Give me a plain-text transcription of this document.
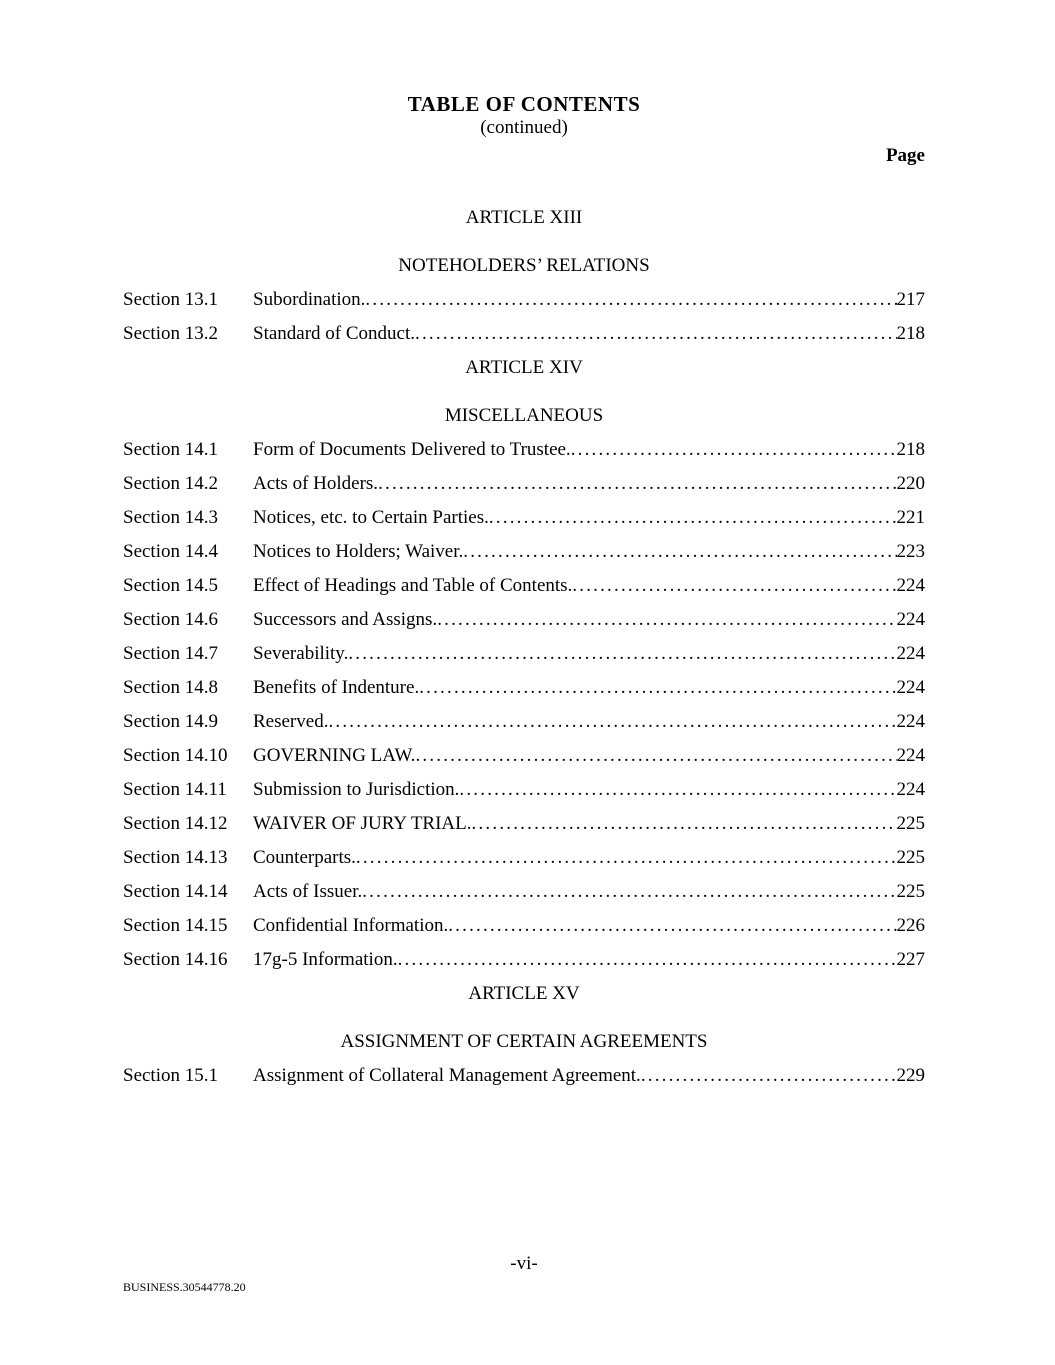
TABLE OF CONTENTS
(continued)
Page
ARTICLE XIII
NOTEHOLDERS’ RELATIONS
Section 13.1	Subordination. .....	217
Section 13.2	Standard of Conduct. .....	218
ARTICLE XIV
MISCELLANEOUS
Section 14.1	Form of Documents Delivered to Trustee. .....	218
Section 14.2	Acts of Holders. .....	220
Section 14.3	Notices, etc. to Certain Parties. .....	221
Section 14.4	Notices to Holders; Waiver. .....	223
Section 14.5	Effect of Headings and Table of Contents. .....	224
Section 14.6	Successors and Assigns. .....	224
Section 14.7	Severability. .....	224
Section 14.8	Benefits of Indenture. .....	224
Section 14.9	Reserved. .....	224
Section 14.10	GOVERNING LAW. .....	224
Section 14.11	Submission to Jurisdiction. .....	224
Section 14.12	WAIVER OF JURY TRIAL. .....	225
Section 14.13	Counterparts. .....	225
Section 14.14	Acts of Issuer. .....	225
Section 14.15	Confidential Information. .....	226
Section 14.16	17g-5 Information. .....	227
ARTICLE XV
ASSIGNMENT OF CERTAIN AGREEMENTS
Section 15.1	Assignment of Collateral Management Agreement. .....	229
-vi-
BUSINESS.30544778.20
